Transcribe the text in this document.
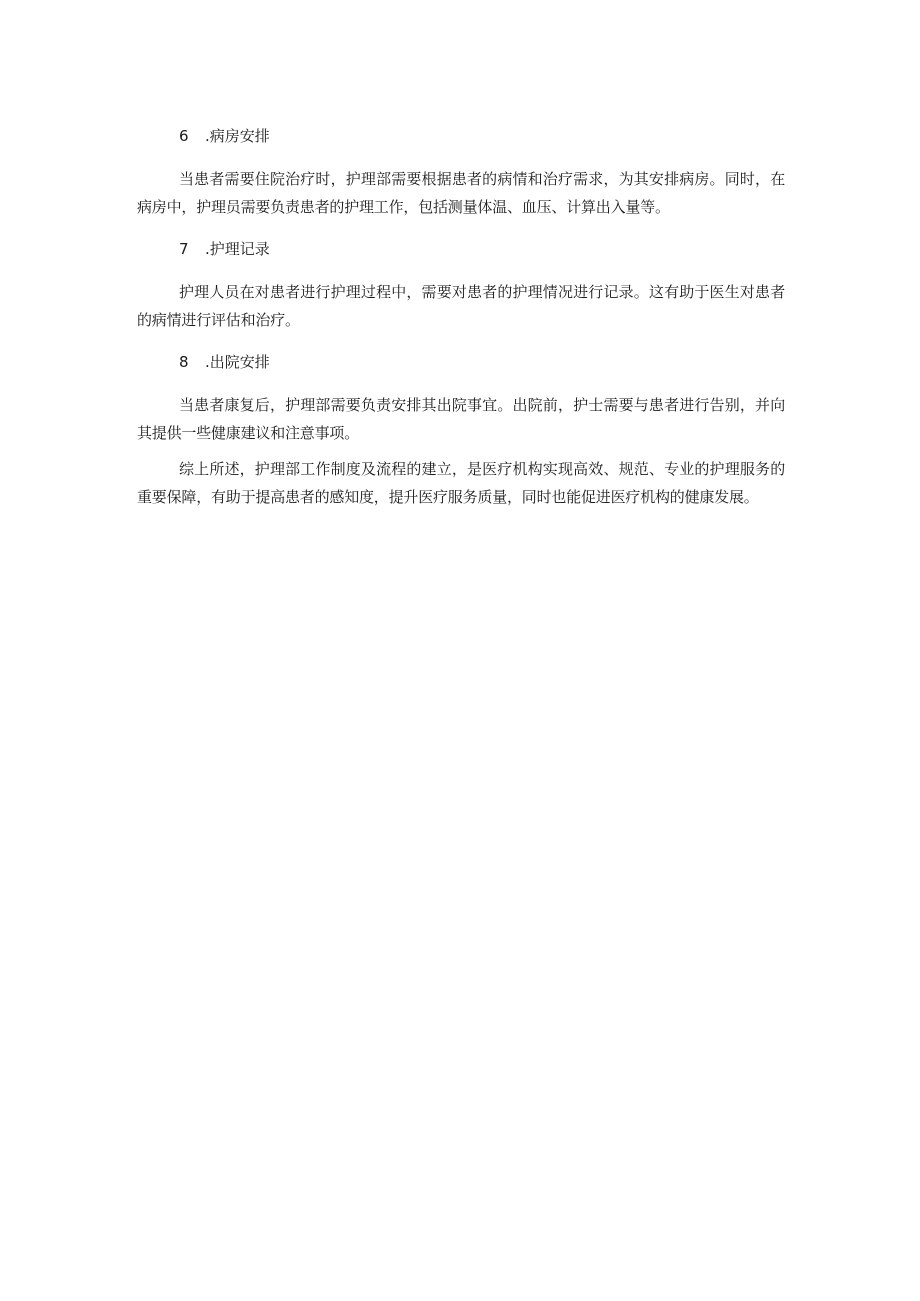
6 .病房安排

当患者需要住院治疗时，护理部需要根据患者的病情和治疗需求，为其安排病房。同时，在病房中，护理员需要负责患者的护理工作，包括测量体温、血压、计算出入量等。

7 .护理记录

护理人员在对患者进行护理过程中，需要对患者的护理情况进行记录。这有助于医生对患者的病情进行评估和治疗。

8 .出院安排

当患者康复后，护理部需要负责安排其出院事宜。出院前，护士需要与患者进行告别，并向其提供一些健康建议和注意事项。

综上所述，护理部工作制度及流程的建立，是医疗机构实现高效、规范、专业的护理服务的重要保障，有助于提高患者的感知度，提升医疗服务质量，同时也能促进医疗机构的健康发展。
